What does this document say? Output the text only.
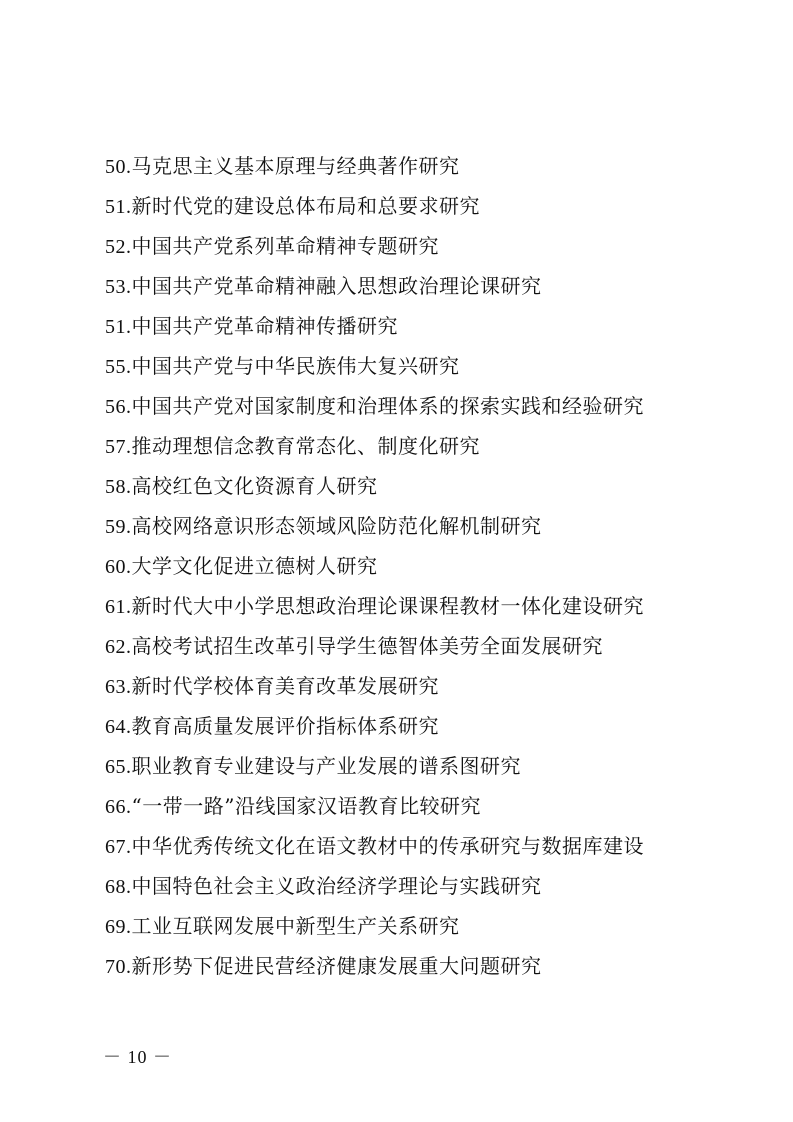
50.马克思主义基本原理与经典著作研究
51.新时代党的建设总体布局和总要求研究
52.中国共产党系列革命精神专题研究
53.中国共产党革命精神融入思想政治理论课研究
51.中国共产党革命精神传播研究
55.中国共产党与中华民族伟大复兴研究
56.中国共产党对国家制度和治理体系的探索实践和经验研究
57.推动理想信念教育常态化、制度化研究
58.高校红色文化资源育人研究
59.高校网络意识形态领域风险防范化解机制研究
60.大学文化促进立德树人研究
61.新时代大中小学思想政治理论课课程教材一体化建设研究
62.高校考试招生改革引导学生德智体美劳全面发展研究
63.新时代学校体育美育改革发展研究
64.教育高质量发展评价指标体系研究
65.职业教育专业建设与产业发展的谱系图研究
66.“一带一路”沿线国家汉语教育比较研究
67.中华优秀传统文化在语文教材中的传承研究与数据库建设
68.中国特色社会主义政治经济学理论与实践研究
69.工业互联网发展中新型生产关系研究
70.新形势下促进民营经济健康发展重大问题研究
－ 10 －
